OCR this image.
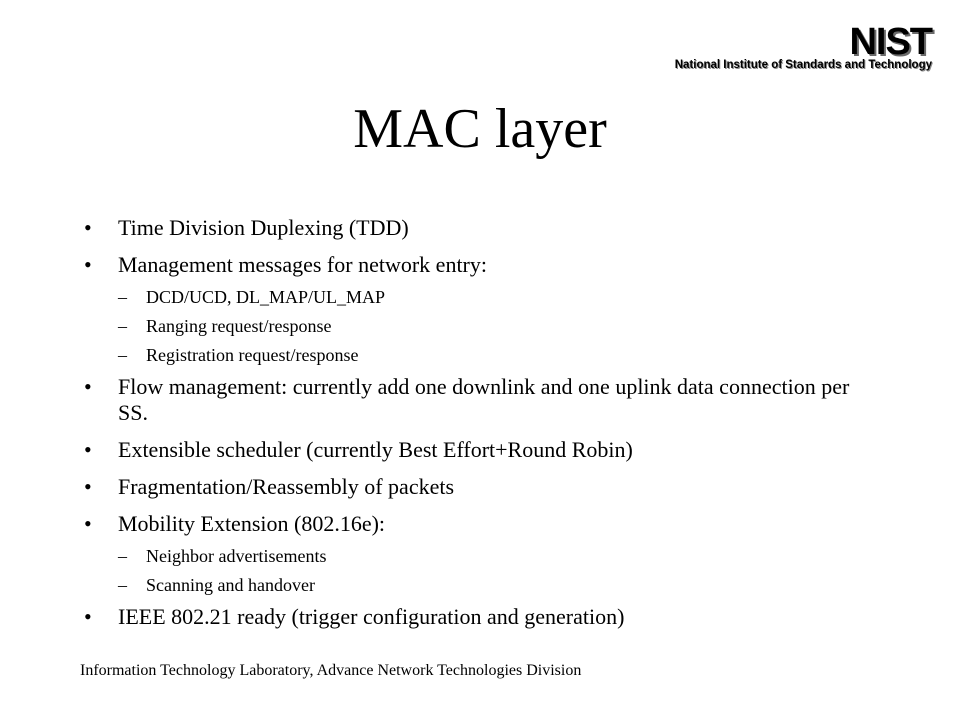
NIST
National Institute of Standards and Technology
MAC layer
• Time Division Duplexing (TDD)
• Management messages for network entry:
– DCD/UCD, DL_MAP/UL_MAP
– Ranging request/response
– Registration request/response
• Flow management: currently add one downlink and one uplink data connection per SS.
• Extensible scheduler (currently Best Effort+Round Robin)
• Fragmentation/Reassembly of packets
• Mobility Extension (802.16e):
– Neighbor advertisements
– Scanning and handover
• IEEE 802.21 ready (trigger configuration and generation)
Information Technology Laboratory, Advance Network Technologies Division
